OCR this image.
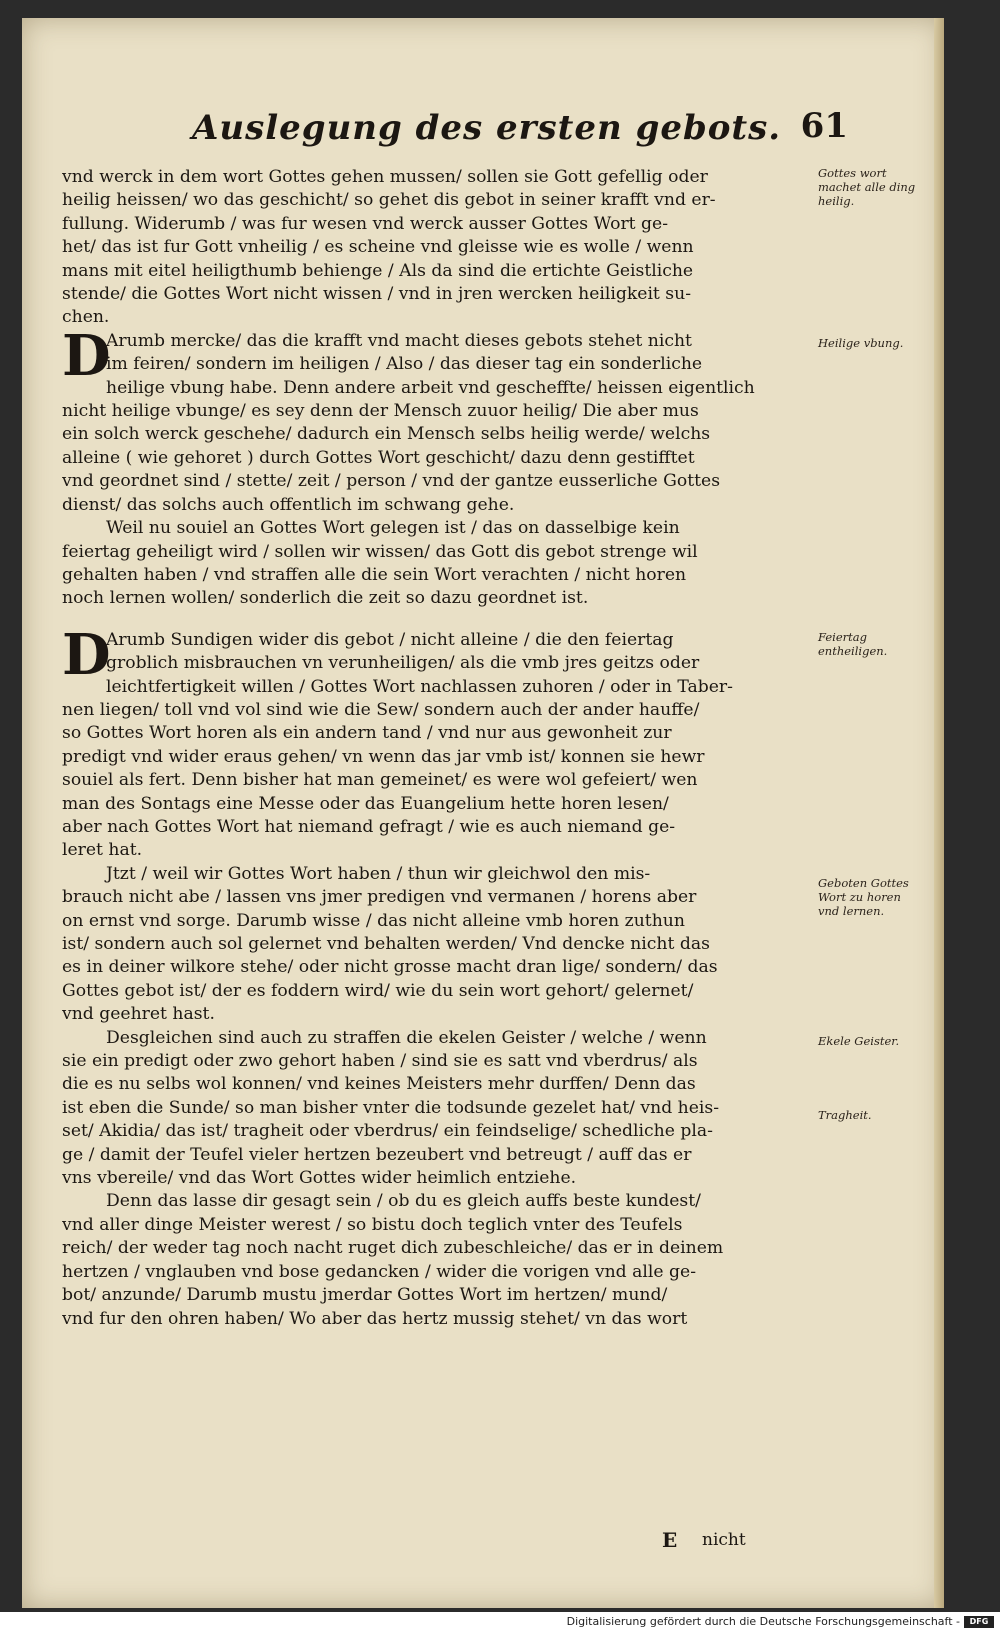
Auslegung des ersten gebots. 61
vnd werck in dem wort Gottes gehen mussen/ sollen sie Gott gefellig oder
heilig heissen/ wo das geschicht/ so gehet dis gebot in seiner krafft vnd er-
fullung. Widerumb / was fur wesen vnd werck ausser Gottes Wort ge-
het/ das ist fur Gott vnheilig / es scheine vnd gleisse wie es wolle / wenn
mans mit eitel heiligthumb behienge / Als da sind die ertichte Geistliche
stende/ die Gottes Wort nicht wissen / vnd in jren wercken heiligkeit su-
chen.
D
Arumb mercke/ das die krafft vnd macht dieses gebots stehet nicht
im feiren/ sondern im heiligen / Also / das dieser tag ein sonderliche
heilige vbung habe. Denn andere arbeit vnd gescheffte/ heissen eigentlich
nicht heilige vbunge/ es sey denn der Mensch zuuor heilig/ Die aber mus
ein solch werck geschehe/ dadurch ein Mensch selbs heilig werde/ welchs
alleine ( wie gehoret ) durch Gottes Wort geschicht/ dazu denn gestifftet
vnd geordnet sind / stette/ zeit / person / vnd der gantze eusserliche Gottes
dienst/ das solchs auch offentlich im schwang gehe.
Weil nu souiel an Gottes Wort gelegen ist / das on dasselbige kein
feiertag geheiligt wird / sollen wir wissen/ das Gott dis gebot strenge wil
gehalten haben / vnd straffen alle die sein Wort verachten / nicht horen
noch lernen wollen/ sonderlich die zeit so dazu geordnet ist.
D
Arumb Sundigen wider dis gebot / nicht alleine / die den feiertag
groblich misbrauchen vn verunheiligen/ als die vmb jres geitzs oder
leichtfertigkeit willen / Gottes Wort nachlassen zuhoren / oder in Taber-
nen liegen/ toll vnd vol sind wie die Sew/ sondern auch der ander hauffe/
so Gottes Wort horen als ein andern tand / vnd nur aus gewonheit zur
predigt vnd wider eraus gehen/ vn wenn das jar vmb ist/ konnen sie hewr
souiel als fert. Denn bisher hat man gemeinet/ es were wol gefeiert/ wen
man des Sontags eine Messe oder das Euangelium hette horen lesen/
aber nach Gottes Wort hat niemand gefragt / wie es auch niemand ge-
leret hat.
Jtzt / weil wir Gottes Wort haben / thun wir gleichwol den mis-
brauch nicht abe / lassen vns jmer predigen vnd vermanen / horens aber
on ernst vnd sorge. Darumb wisse / das nicht alleine vmb horen zuthun
ist/ sondern auch sol gelernet vnd behalten werden/ Vnd dencke nicht das
es in deiner wilkore stehe/ oder nicht grosse macht dran lige/ sondern/ das
Gottes gebot ist/ der es foddern wird/ wie du sein wort gehort/ gelernet/
vnd geehret hast.
Desgleichen sind auch zu straffen die ekelen Geister / welche / wenn
sie ein predigt oder zwo gehort haben / sind sie es satt vnd vberdrus/ als
die es nu selbs wol konnen/ vnd keines Meisters mehr durffen/ Denn das
ist eben die Sunde/ so man bisher vnter die todsunde gezelet hat/ vnd heis-
set/ Akidia/ das ist/ tragheit oder vberdrus/ ein feindselige/ schedliche pla-
ge / damit der Teufel vieler hertzen bezeubert vnd betreugt / auff das er
vns vbereile/ vnd das Wort Gottes wider heimlich entziehe.
Denn das lasse dir gesagt sein / ob du es gleich auffs beste kundest/
vnd aller dinge Meister werest / so bistu doch teglich vnter des Teufels
reich/ der weder tag noch nacht ruget dich zubeschleiche/ das er in deinem
hertzen / vnglauben vnd bose gedancken / wider die vorigen vnd alle ge-
bot/ anzunde/ Darumb mustu jmerdar Gottes Wort im hertzen/ mund/
vnd fur den ohren haben/ Wo aber das hertz mussig stehet/ vn das wort
Gottes wort machet alle ding heilig.
Heilige vbung.
Feiertag entheiligen.
Geboten Gottes Wort zu horen vnd lernen.
Ekele Geister.
Tragheit.
E nicht
Digitalisierung gefördert durch die Deutsche Forschungsgemeinschaft -	DFG
